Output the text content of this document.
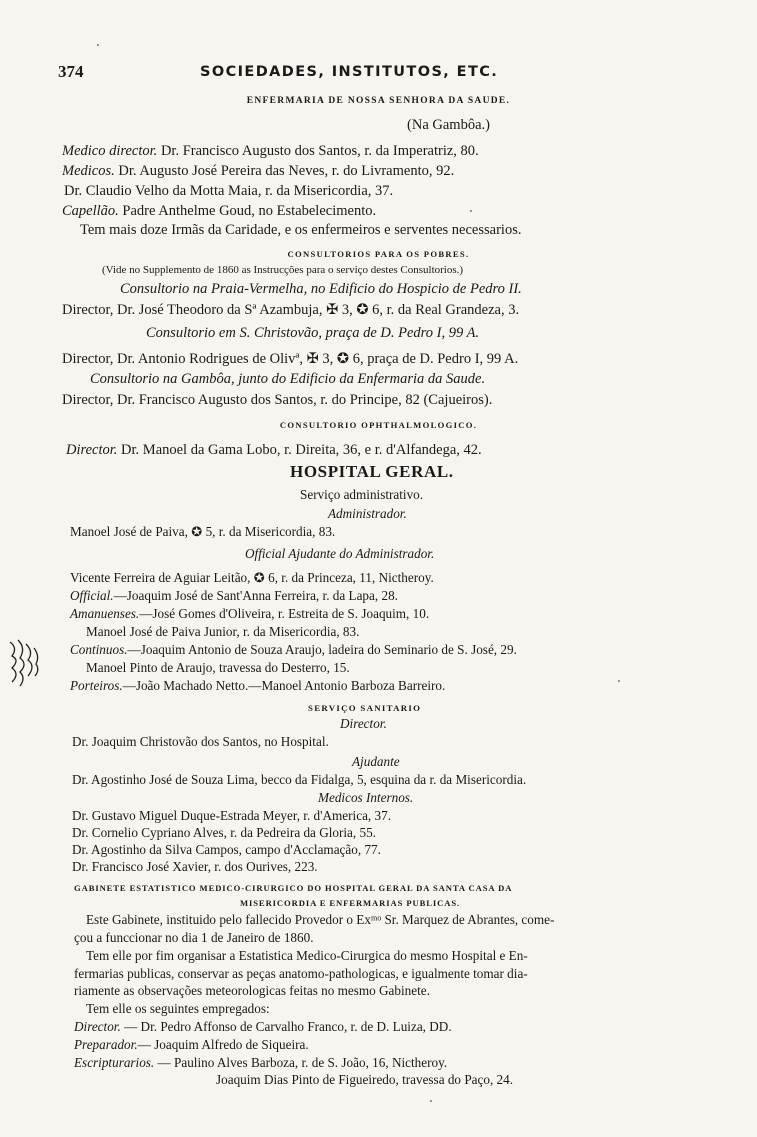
374	SOCIEDADES, INSTITUTOS, ETC.
ENFERMARIA DE NOSSA SENHORA DA SAUDE.
(Na Gambôa.)
Medico director. Dr. Francisco Augusto dos Santos, r. da Imperatriz, 80.
Medicos. Dr. Augusto José Pereira das Neves, r. do Livramento, 92.
Dr. Claudio Velho da Motta Maia, r. da Misericordia, 37.
Capellão. Padre Anthelme Goud, no Estabelecimento.
Tem mais doze Irmãs da Caridade, e os enfermeiros e serventes necessarios.
CONSULTORIOS PARA OS POBRES.
(Vide no Supplemento de 1860 as Instrucções para o serviço destes Consultorios.)
Consultorio na Praia-Vermelha, no Edificio do Hospicio de Pedro II.
Director, Dr. José Theodoro da Sª Azambuja, ✠ 3, ✪ 6, r. da Real Grandeza, 3.
Consultorio em S. Christovão, praça de D. Pedro I, 99 A.
Director, Dr. Antonio Rodrigues de Olivª, ✠ 3, ✪ 6, praça de D. Pedro I, 99 A.
Consultorio na Gambôa, junto do Edificio da Enfermaria da Saude.
Director, Dr. Francisco Augusto dos Santos, r. do Principe, 82 (Cajueiros).
CONSULTORIO OPHTHALMOLOGICO.
Director. Dr. Manoel da Gama Lobo, r. Direita, 36, e r. d'Alfandega, 42.
HOSPITAL GERAL.
Serviço administrativo.
Administrador.
Manoel José de Paiva, ✪ 5, r. da Misericordia, 83.
Official Ajudante do Administrador.
Vicente Ferreira de Aguiar Leitão, ✪ 6, r. da Princeza, 11, Nictheroy.
Official.—Joaquim José de Sant'Anna Ferreira, r. da Lapa, 28.
Amanuenses.—José Gomes d'Oliveira, r. Estreita de S. Joaquim, 10.
Manoel José de Paiva Junior, r. da Misericordia, 83.
Continuos.—Joaquim Antonio de Souza Araujo, ladeira do Seminario de S. José, 29.
Manoel Pinto de Araujo, travessa do Desterro, 15.
Porteiros.—João Machado Netto.—Manoel Antonio Barboza Barreiro.
SERVIÇO SANITARIO
Director.
Dr. Joaquim Christovão dos Santos, no Hospital.
Ajudante
Dr. Agostinho José de Souza Lima, becco da Fidalga, 5, esquina da r. da Misericordia.
Medicos Internos.
Dr. Gustavo Miguel Duque-Estrada Meyer, r. d'America, 37.
Dr. Cornelio Cypriano Alves, r. da Pedreira da Gloria, 55.
Dr. Agostinho da Silva Campos, campo d'Acclamação, 77.
Dr. Francisco José Xavier, r. dos Ourives, 223.
GABINETE ESTATISTICO MEDICO-CIRURGICO DO HOSPITAL GERAL DA SANTA CASA DA
MISERICORDIA E ENFERMARIAS PUBLICAS.
Este Gabinete, instituido pelo fallecido Provedor o Exᵐᵒ Sr. Marquez de Abrantes, come-
çou a funccionar no dia 1 de Janeiro de 1860.
Tem elle por fim organisar a Estatistica Medico-Cirurgica do mesmo Hospital e En-
fermarias publicas, conservar as peças anatomo-pathologicas, e igualmente tomar dia-
riamente as observações meteorologicas feitas no mesmo Gabinete.
Tem elle os seguintes empregados:
Director. — Dr. Pedro Affonso de Carvalho Franco, r. de D. Luiza, DD.
Preparador.— Joaquim Alfredo de Siqueira.
Escripturarios. — Paulino Alves Barboza, r. de S. João, 16, Nictheroy.
Joaquim Dias Pinto de Figueiredo, travessa do Paço, 24.
